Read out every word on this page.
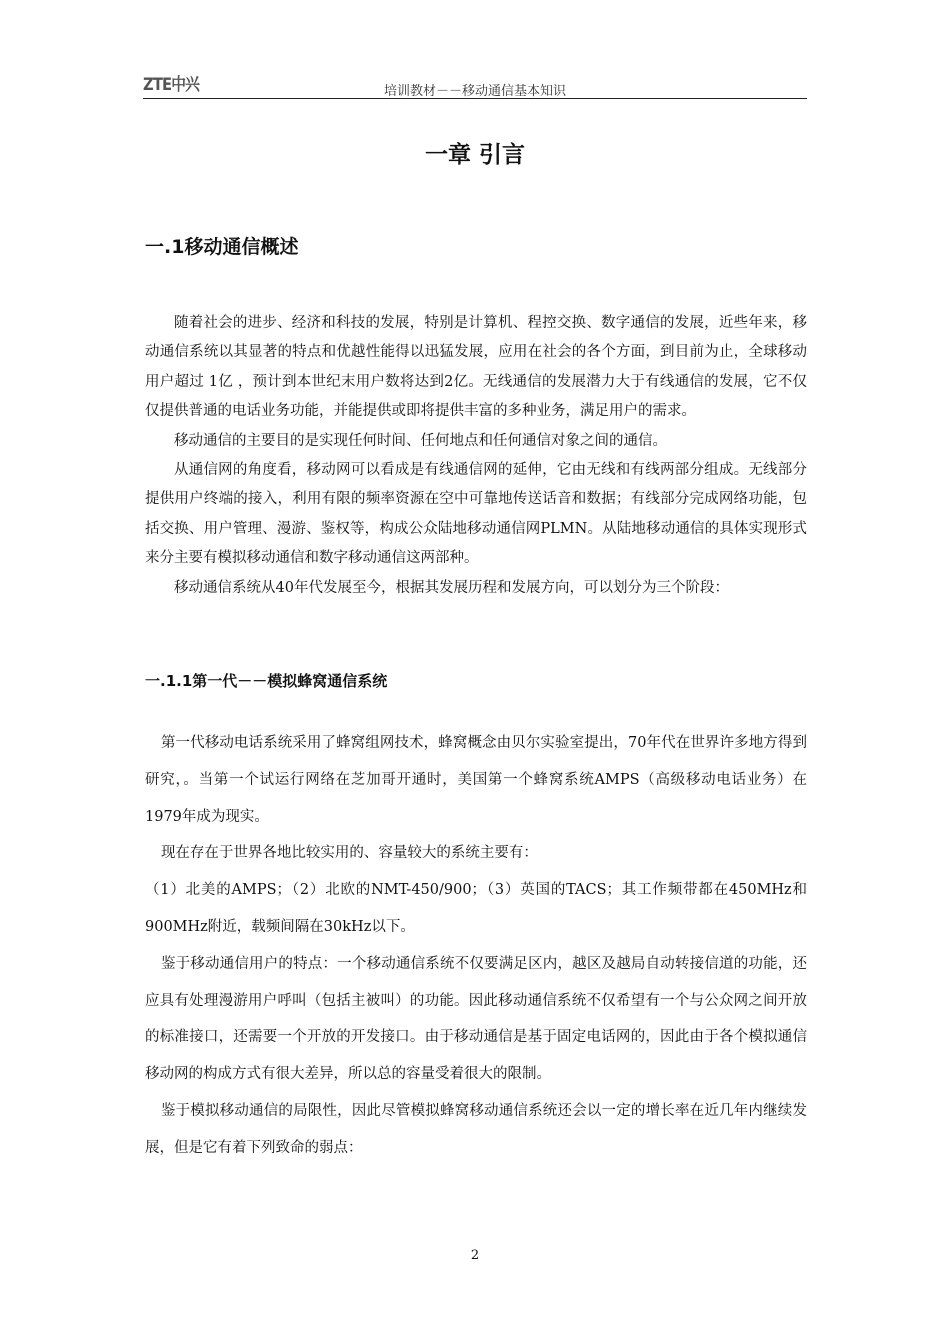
ZTE中兴	培训教材－－移动通信基本知识
一章 引言
一.1移动通信概述

随着社会的进步、经济和科技的发展，特别是计算机、程控交换、数字通信的发展，近些年来，移动通信系统以其显著的特点和优越性能得以迅猛发展，应用在社会的各个方面，到目前为止，全球移动用户超过 1亿 ，预计到本世纪末用户数将达到2亿。无线通信的发展潜力大于有线通信的发展，它不仅仅提供普通的电话业务功能，并能提供或即将提供丰富的多种业务，满足用户的需求。

移动通信的主要目的是实现任何时间、任何地点和任何通信对象之间的通信。

从通信网的角度看，移动网可以看成是有线通信网的延伸，它由无线和有线两部分组成。无线部分提供用户终端的接入，利用有限的频率资源在空中可靠地传送话音和数据；有线部分完成网络功能，包括交换、用户管理、漫游、鉴权等，构成公众陆地移动通信网PLMN。从陆地移动通信的具体实现形式来分主要有模拟移动通信和数字移动通信这两部种。

移动通信系统从40年代发展至今，根据其发展历程和发展方向，可以划分为三个阶段：

一.1.1第一代－－模拟蜂窝通信系统

第一代移动电话系统采用了蜂窝组网技术，蜂窝概念由贝尔实验室提出，70年代在世界许多地方得到研究，。当第一个试运行网络在芝加哥开通时，美国第一个蜂窝系统AMPS（高级移动电话业务）在1979年成为现实。

现在存在于世界各地比较实用的、容量较大的系统主要有：

（1）北美的AMPS；（2）北欧的NMT-450/900；（3）英国的TACS；其工作频带都在450MHz和900MHz附近，载频间隔在30kHz以下。

鉴于移动通信用户的特点：一个移动通信系统不仅要满足区内，越区及越局自动转接信道的功能，还应具有处理漫游用户呼叫（包括主被叫）的功能。因此移动通信系统不仅希望有一个与公众网之间开放的标准接口，还需要一个开放的开发接口。由于移动通信是基于固定电话网的，因此由于各个模拟通信移动网的构成方式有很大差异，所以总的容量受着很大的限制。

鉴于模拟移动通信的局限性，因此尽管模拟蜂窝移动通信系统还会以一定的增长率在近几年内继续发展，但是它有着下列致命的弱点：

2
